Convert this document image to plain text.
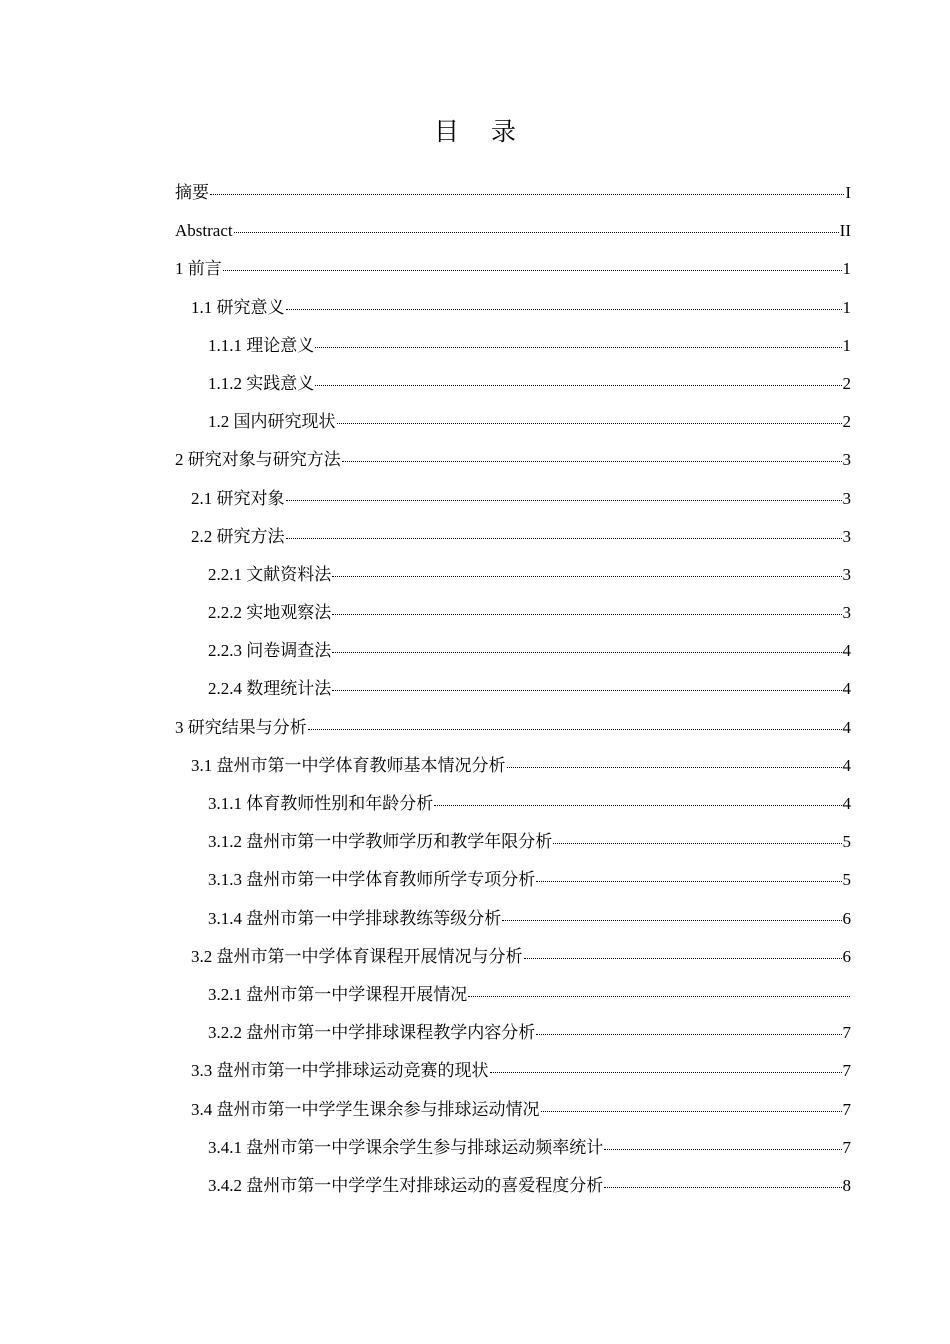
目 录
摘要	I
Abstract	II
1 前言	1
1.1 研究意义	1
1.1.1 理论意义	1
1.1.2 实践意义	2
1.2 国内研究现状	2
2 研究对象与研究方法	3
2.1 研究对象	3
2.2 研究方法	3
2.2.1 文献资料法	3
2.2.2 实地观察法	3
2.2.3 问卷调查法	4
2.2.4 数理统计法	4
3 研究结果与分析	4
3.1 盘州市第一中学体育教师基本情况分析	4
3.1.1 体育教师性别和年龄分析	4
3.1.2 盘州市第一中学教师学历和教学年限分析	5
3.1.3 盘州市第一中学体育教师所学专项分析	5
3.1.4 盘州市第一中学排球教练等级分析	6
3.2 盘州市第一中学体育课程开展情况与分析	6
3.2.1 盘州市第一中学课程开展情况
3.2.2 盘州市第一中学排球课程教学内容分析	7
3.3 盘州市第一中学排球运动竞赛的现状	7
3.4 盘州市第一中学学生课余参与排球运动情况	7
3.4.1 盘州市第一中学课余学生参与排球运动频率统计	7
3.4.2 盘州市第一中学学生对排球运动的喜爱程度分析	8
